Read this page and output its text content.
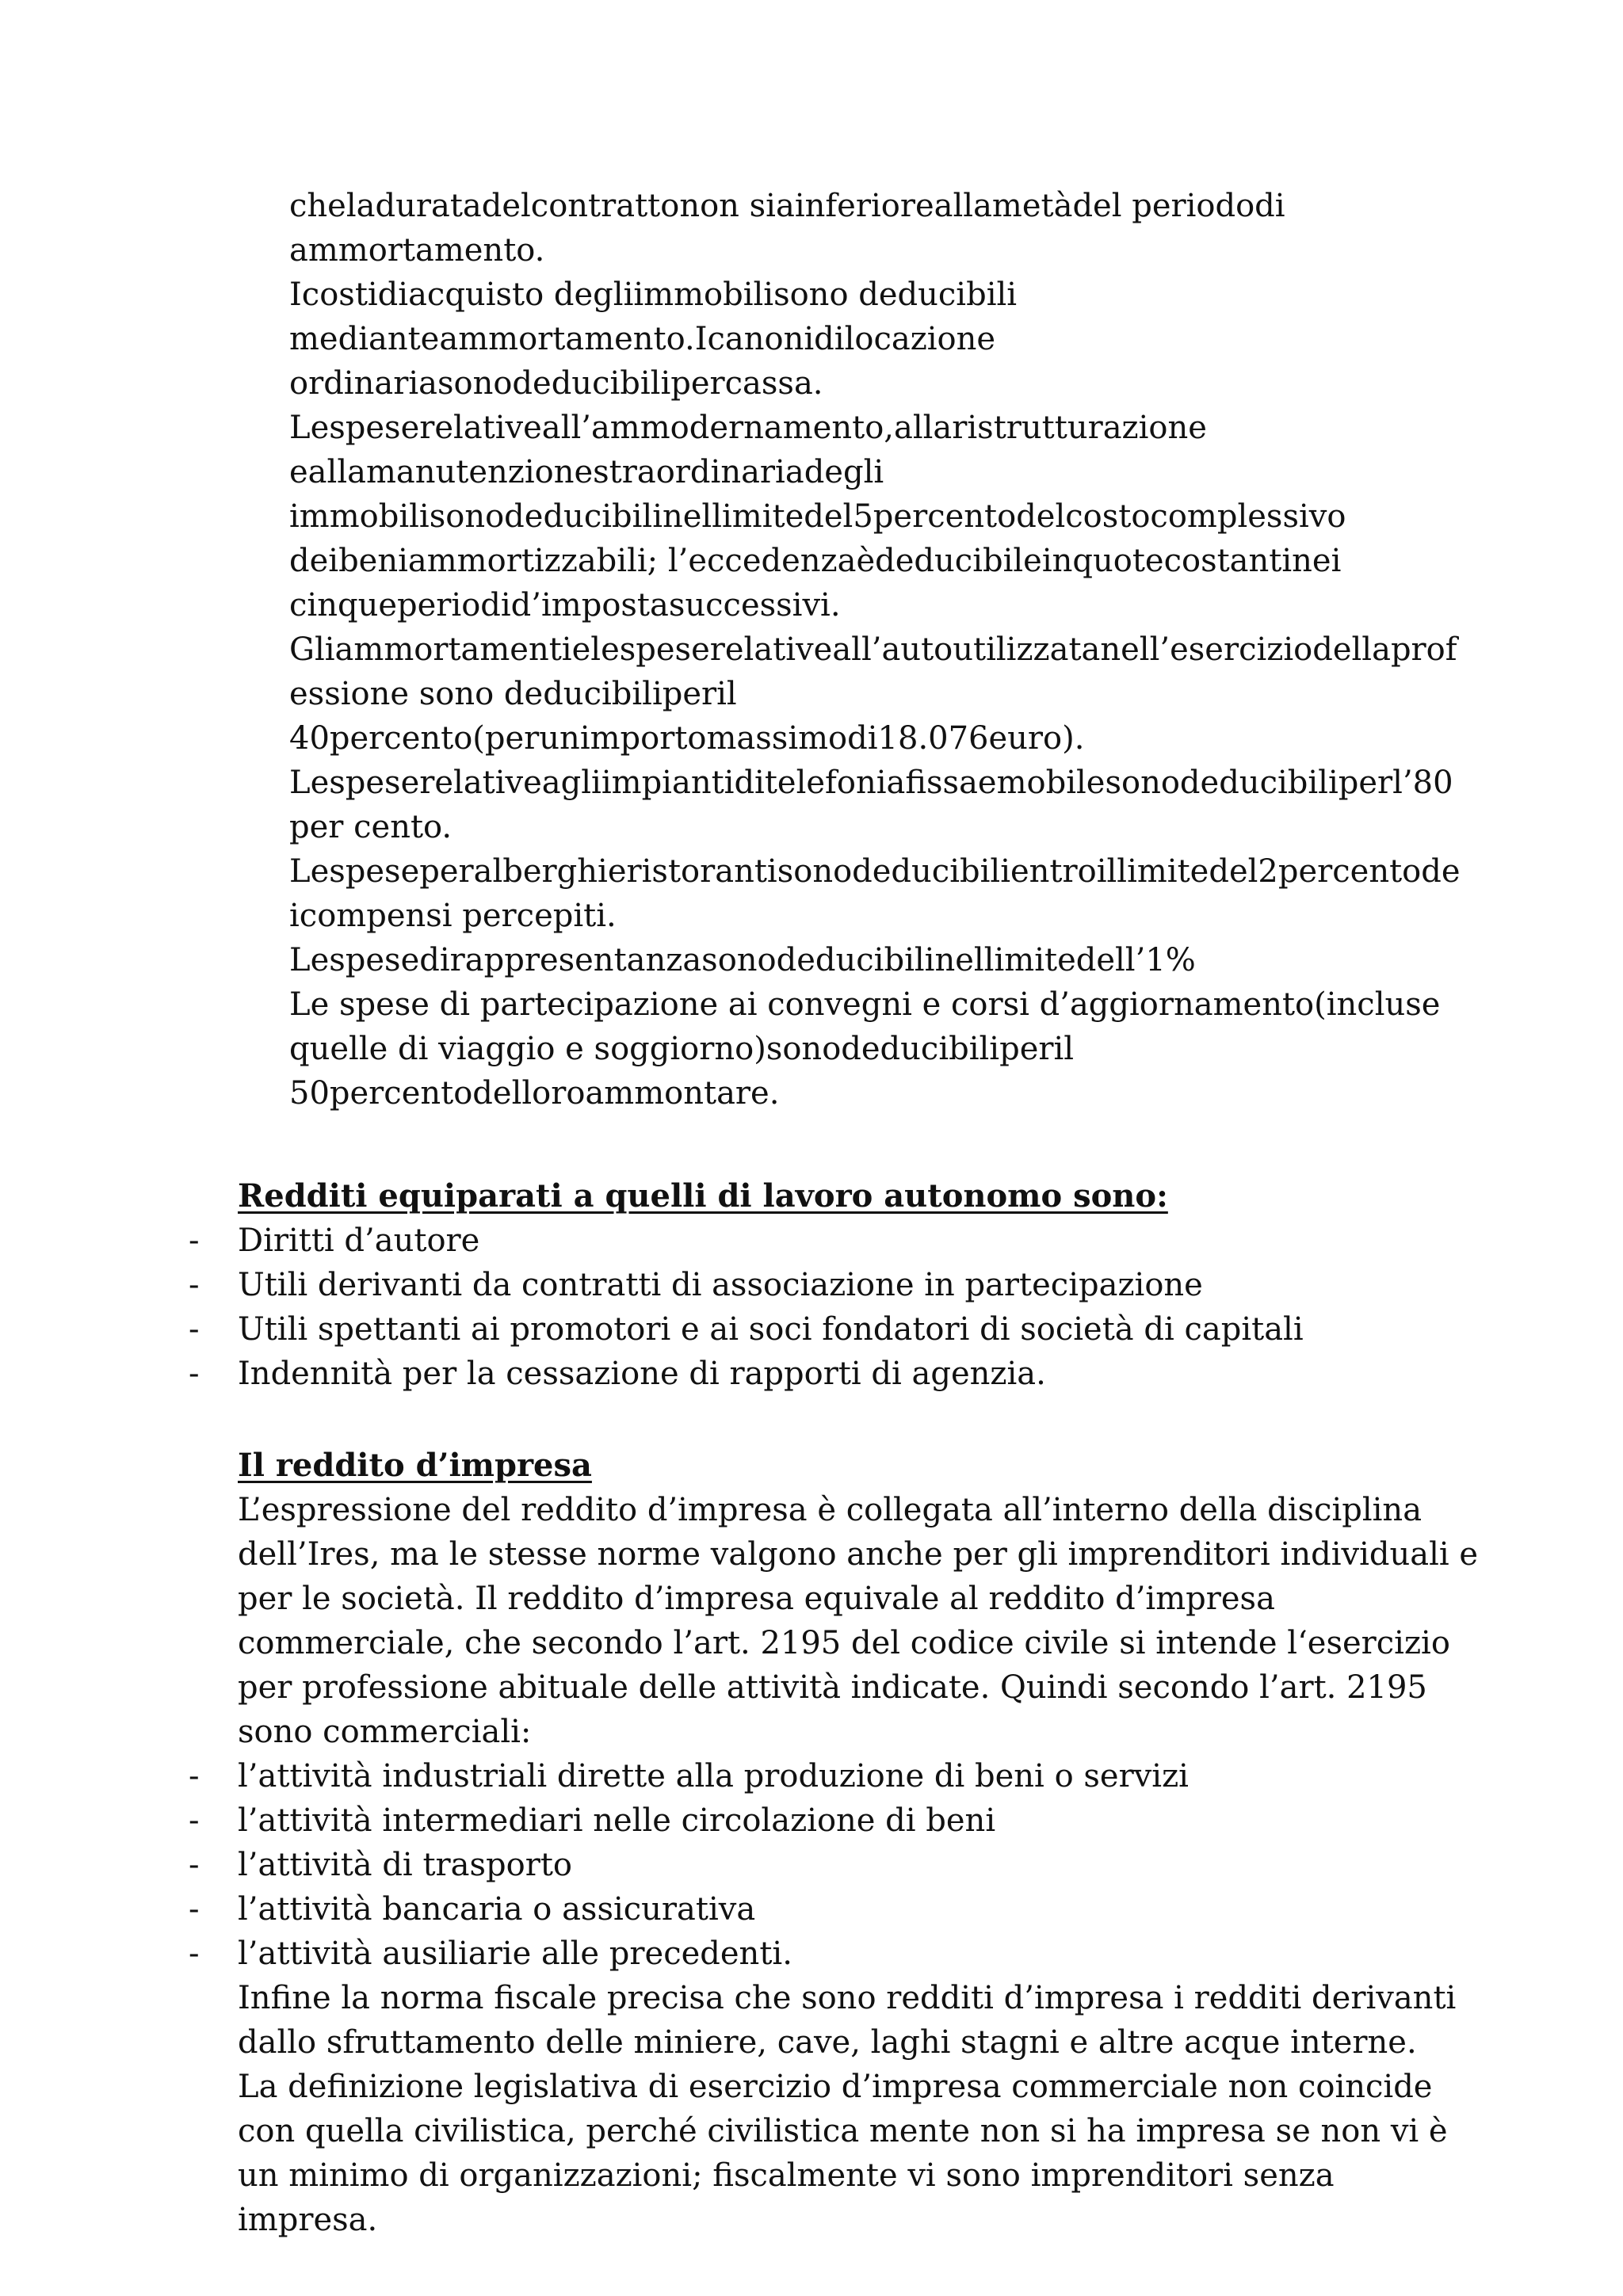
cheladuratadelcontrattonon siainferioreallametàdel periododi
ammortamento.
Icostidiacquisto degliimmobilisono deducibili
medianteammortamento.Icanonidilocazione
ordinariasonodeducibilipercassa.
Lespeserelativeall’ammodernamento,allaristrutturazione
eallamanutenzionestraordinariadegli
immobilisonodeducibilinellimitedel5percentodelcostocomplessivo
deibeniammortizzabili; l’eccedenzaèdeducibileinquotecostantinei
cinqueperiodid’impostasuccessivi.
Gliammortamentielespeserelativeall’autoutilizzatanell’eserciziodellaprof
essione sono deducibiliperil
40percento(perunimportomassimodi18.076euro).
Lespeserelativeagliimpiantiditelefoniafissaemobilesonodeducibiliperl’80
per cento.
Lespeseperalberghieristorantisonodeducibilientroillimitedel2percentode
icompensi percepiti.
Lespesedirappresentanzasonodeducibilinellimitedell’1%
Le spese di partecipazione ai convegni e corsi d’aggiornamento(incluse
quelle di viaggio e soggiorno)sonodeducibiliperil
50percentodelloroammontare.
Redditi equiparati a quelli di lavoro autonomo sono:
- Diritti d’autore
- Utili derivanti da contratti di associazione in partecipazione
- Utili spettanti ai promotori e ai soci fondatori di società di capitali
- Indennità per la cessazione di rapporti di agenzia.
Il reddito d’impresa
L’espressione del reddito d’impresa è collegata all’interno della disciplina
dell’Ires, ma le stesse norme valgono anche per gli imprenditori individuali e
per le società. Il reddito d’impresa equivale al reddito d’impresa
commerciale, che secondo l’art. 2195 del codice civile si intende l‘esercizio
per professione abituale delle attività indicate. Quindi secondo l’art. 2195
sono commerciali:
- l’attività industriali dirette alla produzione di beni o servizi
- l’attività intermediari nelle circolazione di beni
- l’attività di trasporto
- l’attività bancaria o assicurativa
- l’attività ausiliarie alle precedenti.
Infine la norma fiscale precisa che sono redditi d’impresa i redditi derivanti
dallo sfruttamento delle miniere, cave, laghi stagni e altre acque interne.
La definizione legislativa di esercizio d’impresa commerciale non coincide
con quella civilistica, perché civilistica mente non si ha impresa se non vi è
un minimo di organizzazioni; fiscalmente vi sono imprenditori senza
impresa.
